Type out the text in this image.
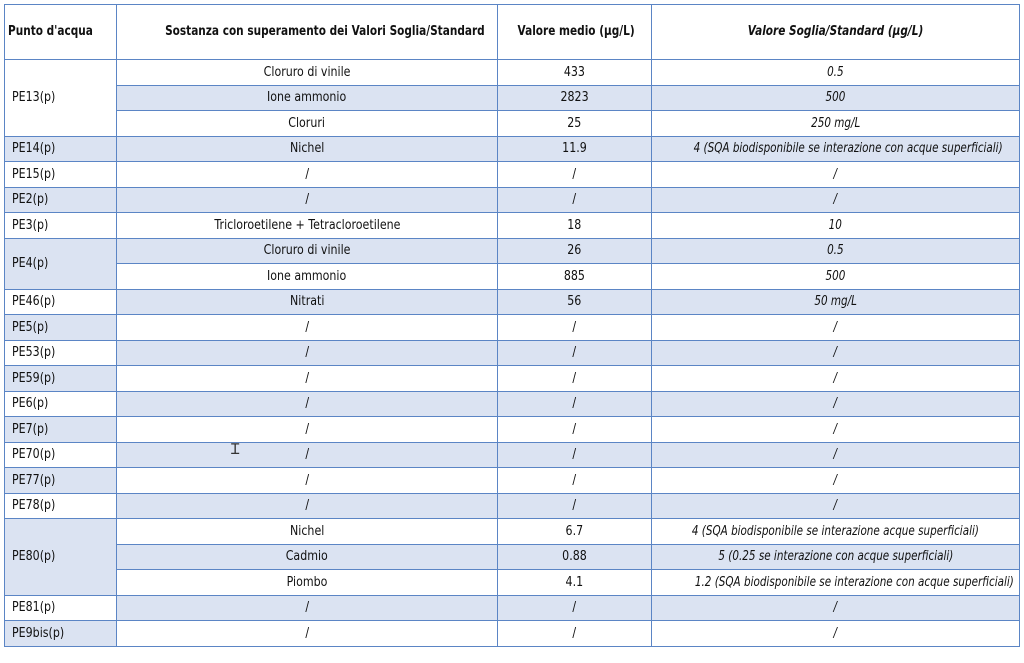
Punto d'acqua	Sostanza con superamento dei Valori Soglia/Standard	Valore medio (μg/L)	Valore Soglia/Standard (μg/L)
PE13(p)	Cloruro di vinile	433	0.5
	Ione ammonio	2823	500
	Cloruri	25	250 mg/L
PE14(p)	Nichel	11.9	4 (SQA biodisponibile se interazione con acque superficiali)
PE15(p)	/	/	/
PE2(p)	/	/	/
PE3(p)	Tricloroetilene + Tetracloroetilene	18	10
PE4(p)	Cloruro di vinile	26	0.5
	Ione ammonio	885	500
PE46(p)	Nitrati	56	50 mg/L
PE5(p)	/	/	/
PE53(p)	/	/	/
PE59(p)	/	/	/
PE6(p)	/	/	/
PE7(p)	/	/	/
PE70(p)	/	/	/
PE77(p)	/	/	/
PE78(p)	/	/	/
PE80(p)	Nichel	6.7	4 (SQA biodisponibile se interazione acque superficiali)
	Cadmio	0.88	5 (0.25 se interazione con acque superficiali)
	Piombo	4.1	1.2 (SQA biodisponibile se interazione con acque superficiali)
PE81(p)	/	/	/
PE9bis(p)	/	/	/
Ɪ
